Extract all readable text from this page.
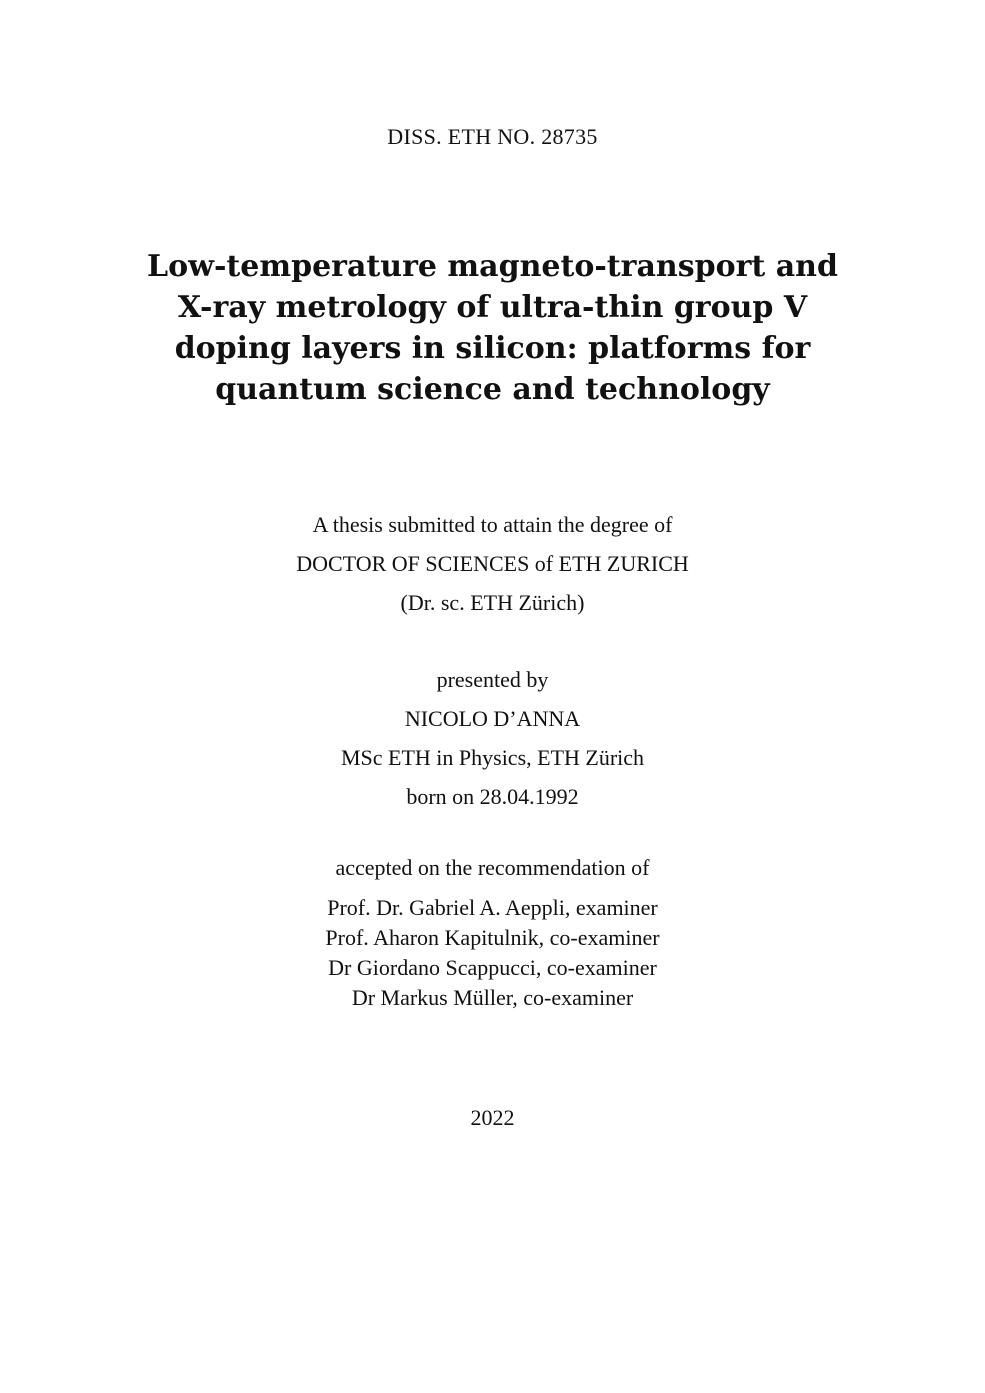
DISS. ETH NO. 28735
Low-temperature magneto-transport and
X-ray metrology of ultra-thin group V
doping layers in silicon: platforms for
quantum science and technology
A thesis submitted to attain the degree of
DOCTOR OF SCIENCES of ETH ZURICH
(Dr. sc. ETH Zürich)
presented by
NICOLO D’ANNA
MSc ETH in Physics, ETH Zürich
born on 28.04.1992
accepted on the recommendation of
Prof. Dr. Gabriel A. Aeppli, examiner
Prof. Aharon Kapitulnik, co-examiner
Dr Giordano Scappucci, co-examiner
Dr Markus Müller, co-examiner
2022
